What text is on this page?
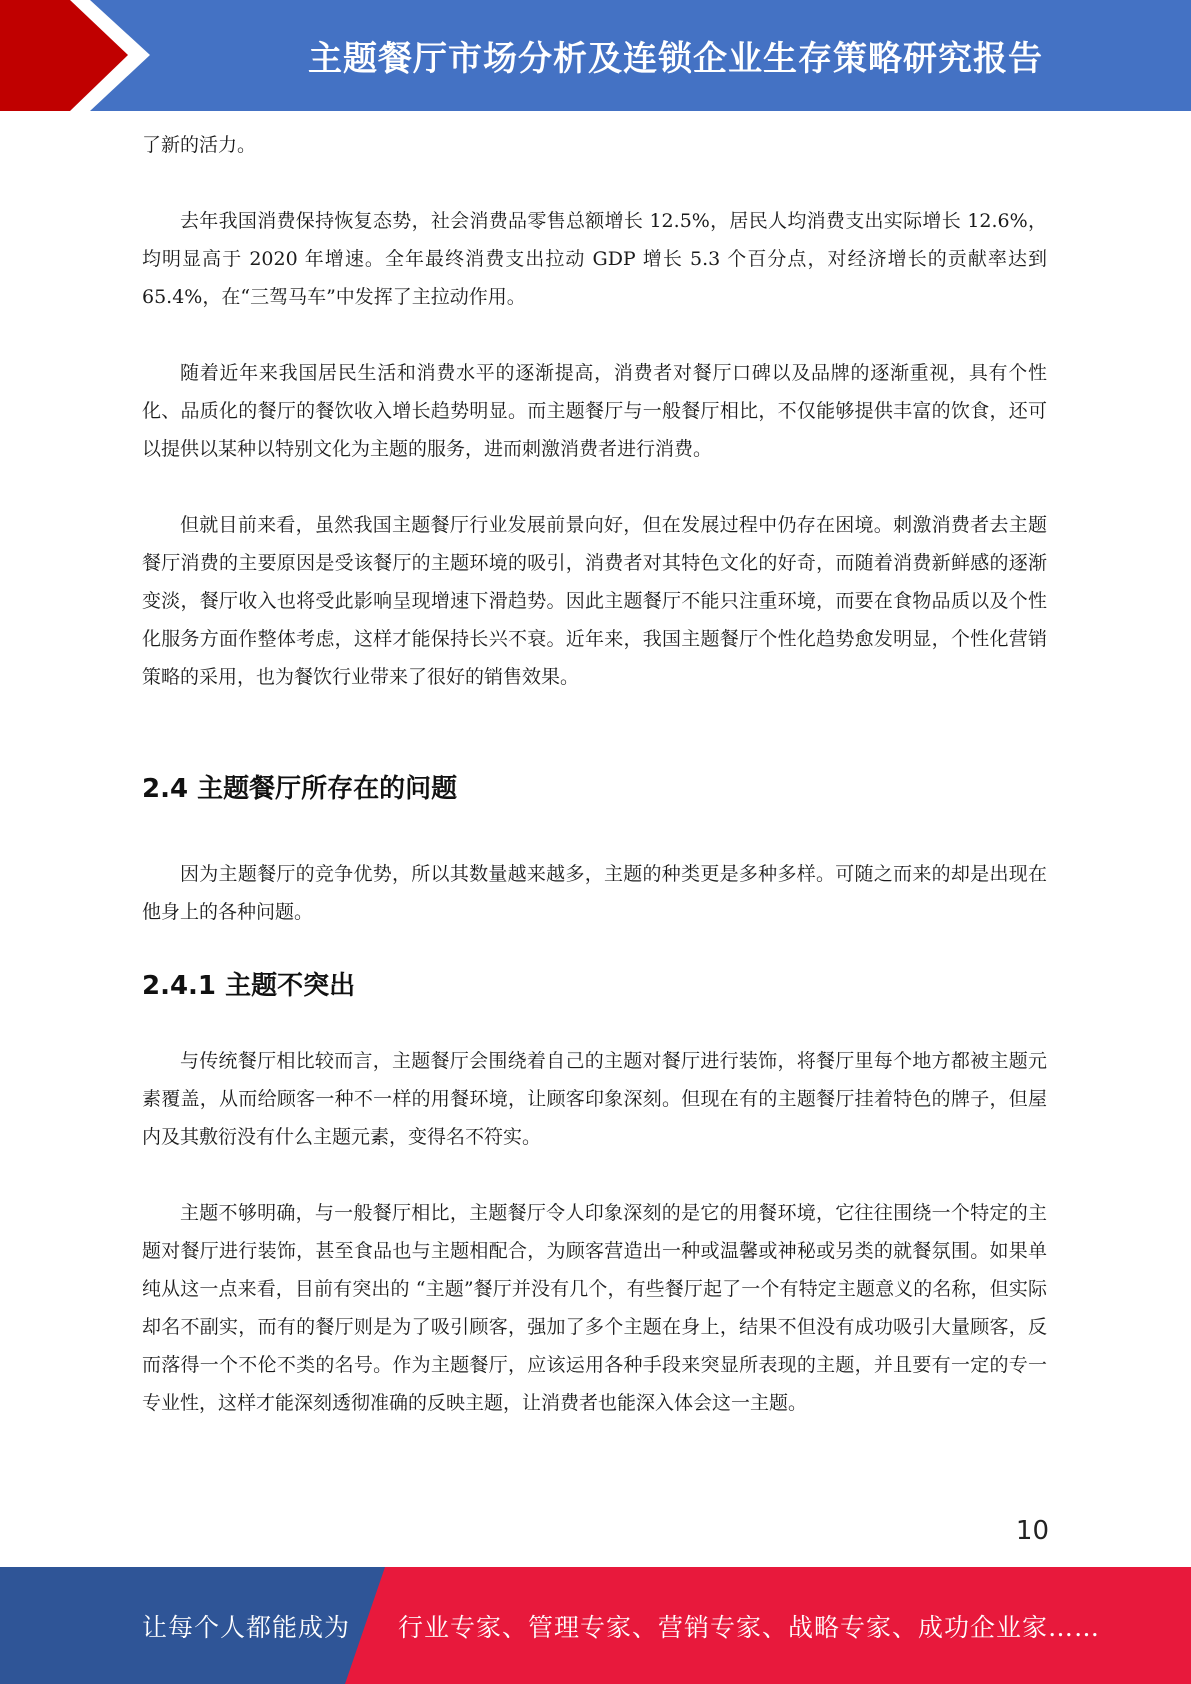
主题餐厅市场分析及连锁企业生存策略研究报告

了新的活力。

去年我国消费保持恢复态势，社会消费品零售总额增长 12.5%，居民人均消费支出实际增长 12.6%，均明显高于 2020 年增速。全年最终消费支出拉动 GDP 增长 5.3 个百分点，对经济增长的贡献率达到 65.4%，在“三驾马车”中发挥了主拉动作用。

随着近年来我国居民生活和消费水平的逐渐提高，消费者对餐厅口碑以及品牌的逐渐重视，具有个性化、品质化的餐厅的餐饮收入增长趋势明显。而主题餐厅与一般餐厅相比，不仅能够提供丰富的饮食，还可以提供以某种以特别文化为主题的服务，进而刺激消费者进行消费。

但就目前来看，虽然我国主题餐厅行业发展前景向好，但在发展过程中仍存在困境。刺激消费者去主题餐厅消费的主要原因是受该餐厅的主题环境的吸引，消费者对其特色文化的好奇，而随着消费新鲜感的逐渐变淡，餐厅收入也将受此影响呈现增速下滑趋势。因此主题餐厅不能只注重环境，而要在食物品质以及个性化服务方面作整体考虑，这样才能保持长兴不衰。近年来，我国主题餐厅个性化趋势愈发明显，个性化营销策略的采用，也为餐饮行业带来了很好的销售效果。

2.4 主题餐厅所存在的问题

因为主题餐厅的竞争优势，所以其数量越来越多，主题的种类更是多种多样。可随之而来的却是出现在他身上的各种问题。

2.4.1 主题不突出

与传统餐厅相比较而言，主题餐厅会围绕着自己的主题对餐厅进行装饰，将餐厅里每个地方都被主题元素覆盖，从而给顾客一种不一样的用餐环境，让顾客印象深刻。但现在有的主题餐厅挂着特色的牌子，但屋内及其敷衍没有什么主题元素，变得名不符实。

主题不够明确，与一般餐厅相比，主题餐厅令人印象深刻的是它的用餐环境，它往往围绕一个特定的主题对餐厅进行装饰，甚至食品也与主题相配合，为顾客营造出一种或温馨或神秘或另类的就餐氛围。如果单纯从这一点来看，目前有突出的 “主题”餐厅并没有几个，有些餐厅起了一个有特定主题意义的名称，但实际却名不副实，而有的餐厅则是为了吸引顾客，强加了多个主题在身上，结果不但没有成功吸引大量顾客，反而落得一个不伦不类的名号。作为主题餐厅，应该运用各种手段来突显所表现的主题，并且要有一定的专一专业性，这样才能深刻透彻准确的反映主题，让消费者也能深入体会这一主题。

10
让每个人都能成为 行业专家、管理专家、营销专家、战略专家、成功企业家……
